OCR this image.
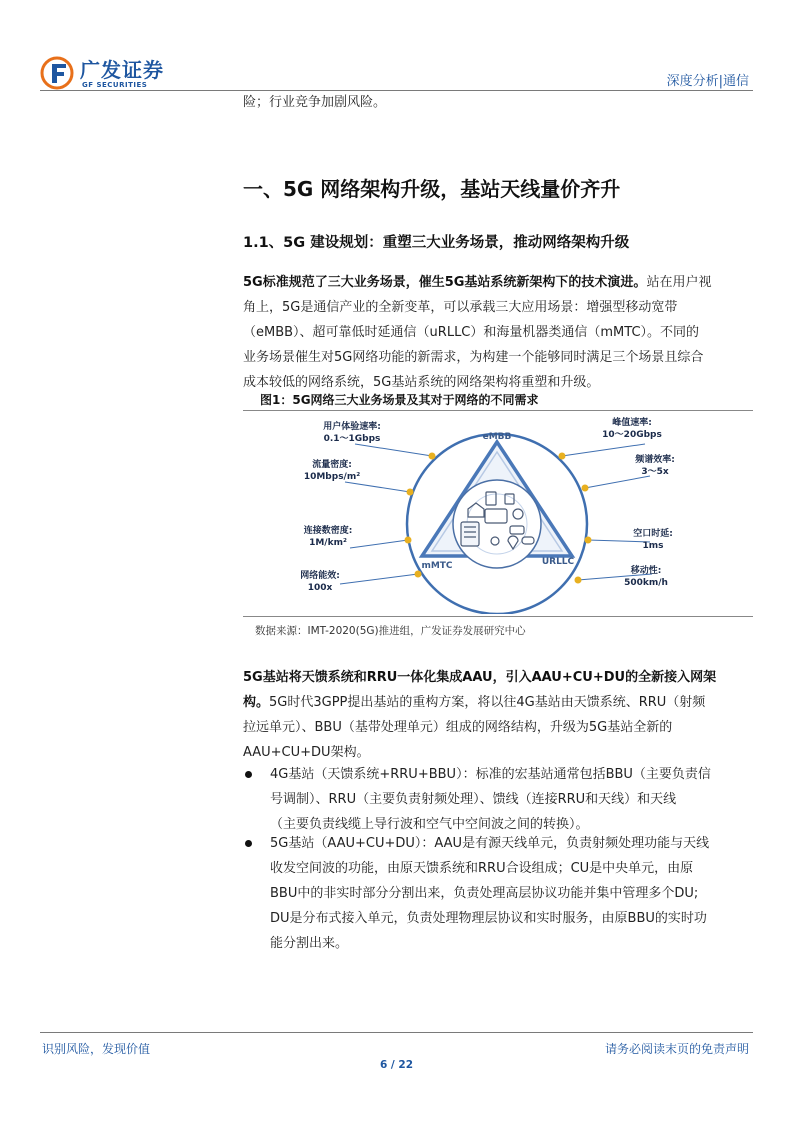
广发证券
GF SECURITIES	深度分析|通信
险；行业竞争加剧风险。
一、5G 网络架构升级，基站天线量价齐升
1.1、5G 建设规划：重塑三大业务场景，推动网络架构升级
5G标准规范了三大业务场景，催生5G基站系统新架构下的技术演进。站在用户视
角上，5G是通信产业的全新变革，可以承载三大应用场景：增强型移动宽带
（eMBB）、超可靠低时延通信（uRLLC）和海量机器类通信（mMTC）。不同的
业务场景催生对5G网络功能的新需求，为构建一个能够同时满足三个场景且综合
成本较低的网络系统，5G基站系统的网络架构将重塑和升级。
图1：5G网络三大业务场景及其对于网络的不同需求
eMBB
mMTC	URLLC
用户体验速率:
0.1～1Gbps
流量密度:
10Mbps/m²
连接数密度:
1M/km²
网络能效:
100x
峰值速率:
10～20Gbps
频谱效率:
3～5x
空口时延:
1ms
移动性:
500km/h
数据来源：IMT-2020(5G)推进组，广发证券发展研究中心
5G基站将天馈系统和RRU一体化集成AAU，引入AAU+CU+DU的全新接入网架
构。5G时代3GPP提出基站的重构方案，将以往4G基站由天馈系统、RRU（射频
拉远单元）、BBU（基带处理单元）组成的网络结构，升级为5G基站全新的
AAU+CU+DU架构。
4G基站（天馈系统+RRU+BBU）：标准的宏基站通常包括BBU（主要负责信
号调制）、RRU（主要负责射频处理）、馈线（连接RRU和天线）和天线
（主要负责线缆上导行波和空气中空间波之间的转换）。
5G基站（AAU+CU+DU）：AAU是有源天线单元，负责射频处理功能与天线
收发空间波的功能，由原天馈系统和RRU合设组成；CU是中央单元，由原
BBU中的非实时部分分割出来，负责处理高层协议功能并集中管理多个DU;
DU是分布式接入单元，负责处理物理层协议和实时服务，由原BBU的实时功
能分割出来。
识别风险，发现价值	请务必阅读末页的免责声明
6 / 22
